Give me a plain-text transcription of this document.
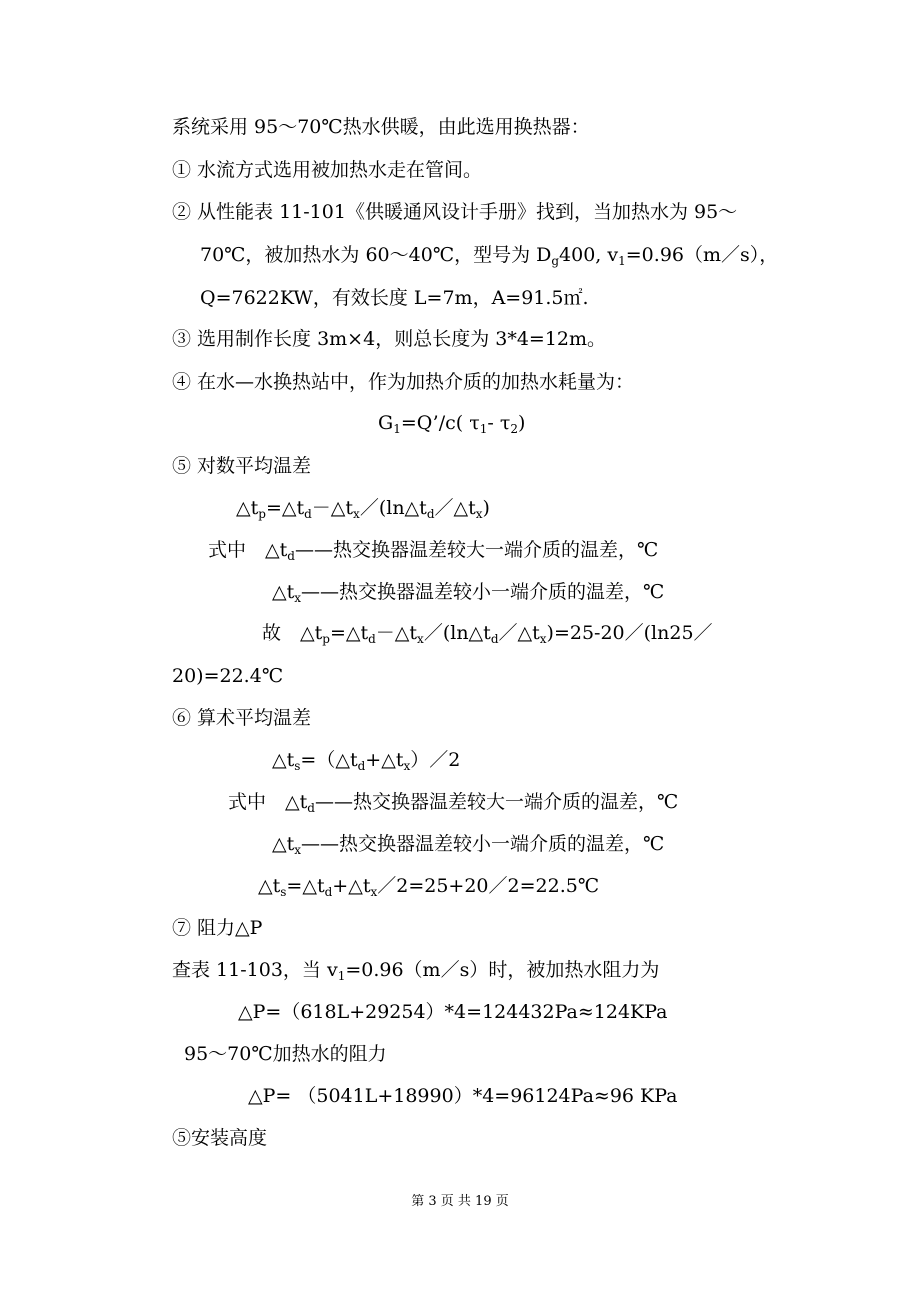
系统采用 95～70℃热水供暖，由此选用换热器：
① 水流方式选用被加热水走在管间。
② 从性能表 11-101《供暖通风设计手册》找到，当加热水为 95～
70℃，被加热水为 60～40℃，型号为 $D_g400$, $v_1=0.96(m/s)$，
Q=7622KW，有效长度 L=7m，A=91.5㎡.
③ 选用制作长度 3m×4，则总长度为 3*4=12m。
④ 在水—水换热站中，作为加热介质的加热水耗量为：
$G_1=Q’/c$( $\tau_1-$ $\tau_2$)
⑤ 对数平均温差
$\triangle t_p=\triangle t_d-\triangle t_x/(\ln\triangle t_d/\triangle t_x)$
式中　$\triangle t_d——$热交换器温差较大一端介质的温差，℃
$\triangle t_x——$热交换器温差较小一端介质的温差，℃
故　$\triangle t_p=\triangle t_d-\triangle t_x/(\ln\triangle t_d/\triangle t_x)=25-20/(\ln 25/$
20)=22.4℃
⑥ 算术平均温差
$\triangle t_s=(\triangle t_d+\triangle t_x)/2$
式中　$\triangle t_d——$热交换器温差较大一端介质的温差，℃
$\triangle t_x——$热交换器温差较小一端介质的温差，℃
$\triangle t_s=\triangle t_d+\triangle t_x/2=25+20/2=22.5℃$
⑦ 阻力△P
查表 11-103，当 $v_1=0.96(m/s)$时，被加热水阻力为
△P=（618L+29254）*4=124432Pa≈124KPa
95～70℃加热水的阻力
△P= （5041L+18990）*4=96124Pa≈96 KPa
⑤安装高度
第 3 页 共 19 页
